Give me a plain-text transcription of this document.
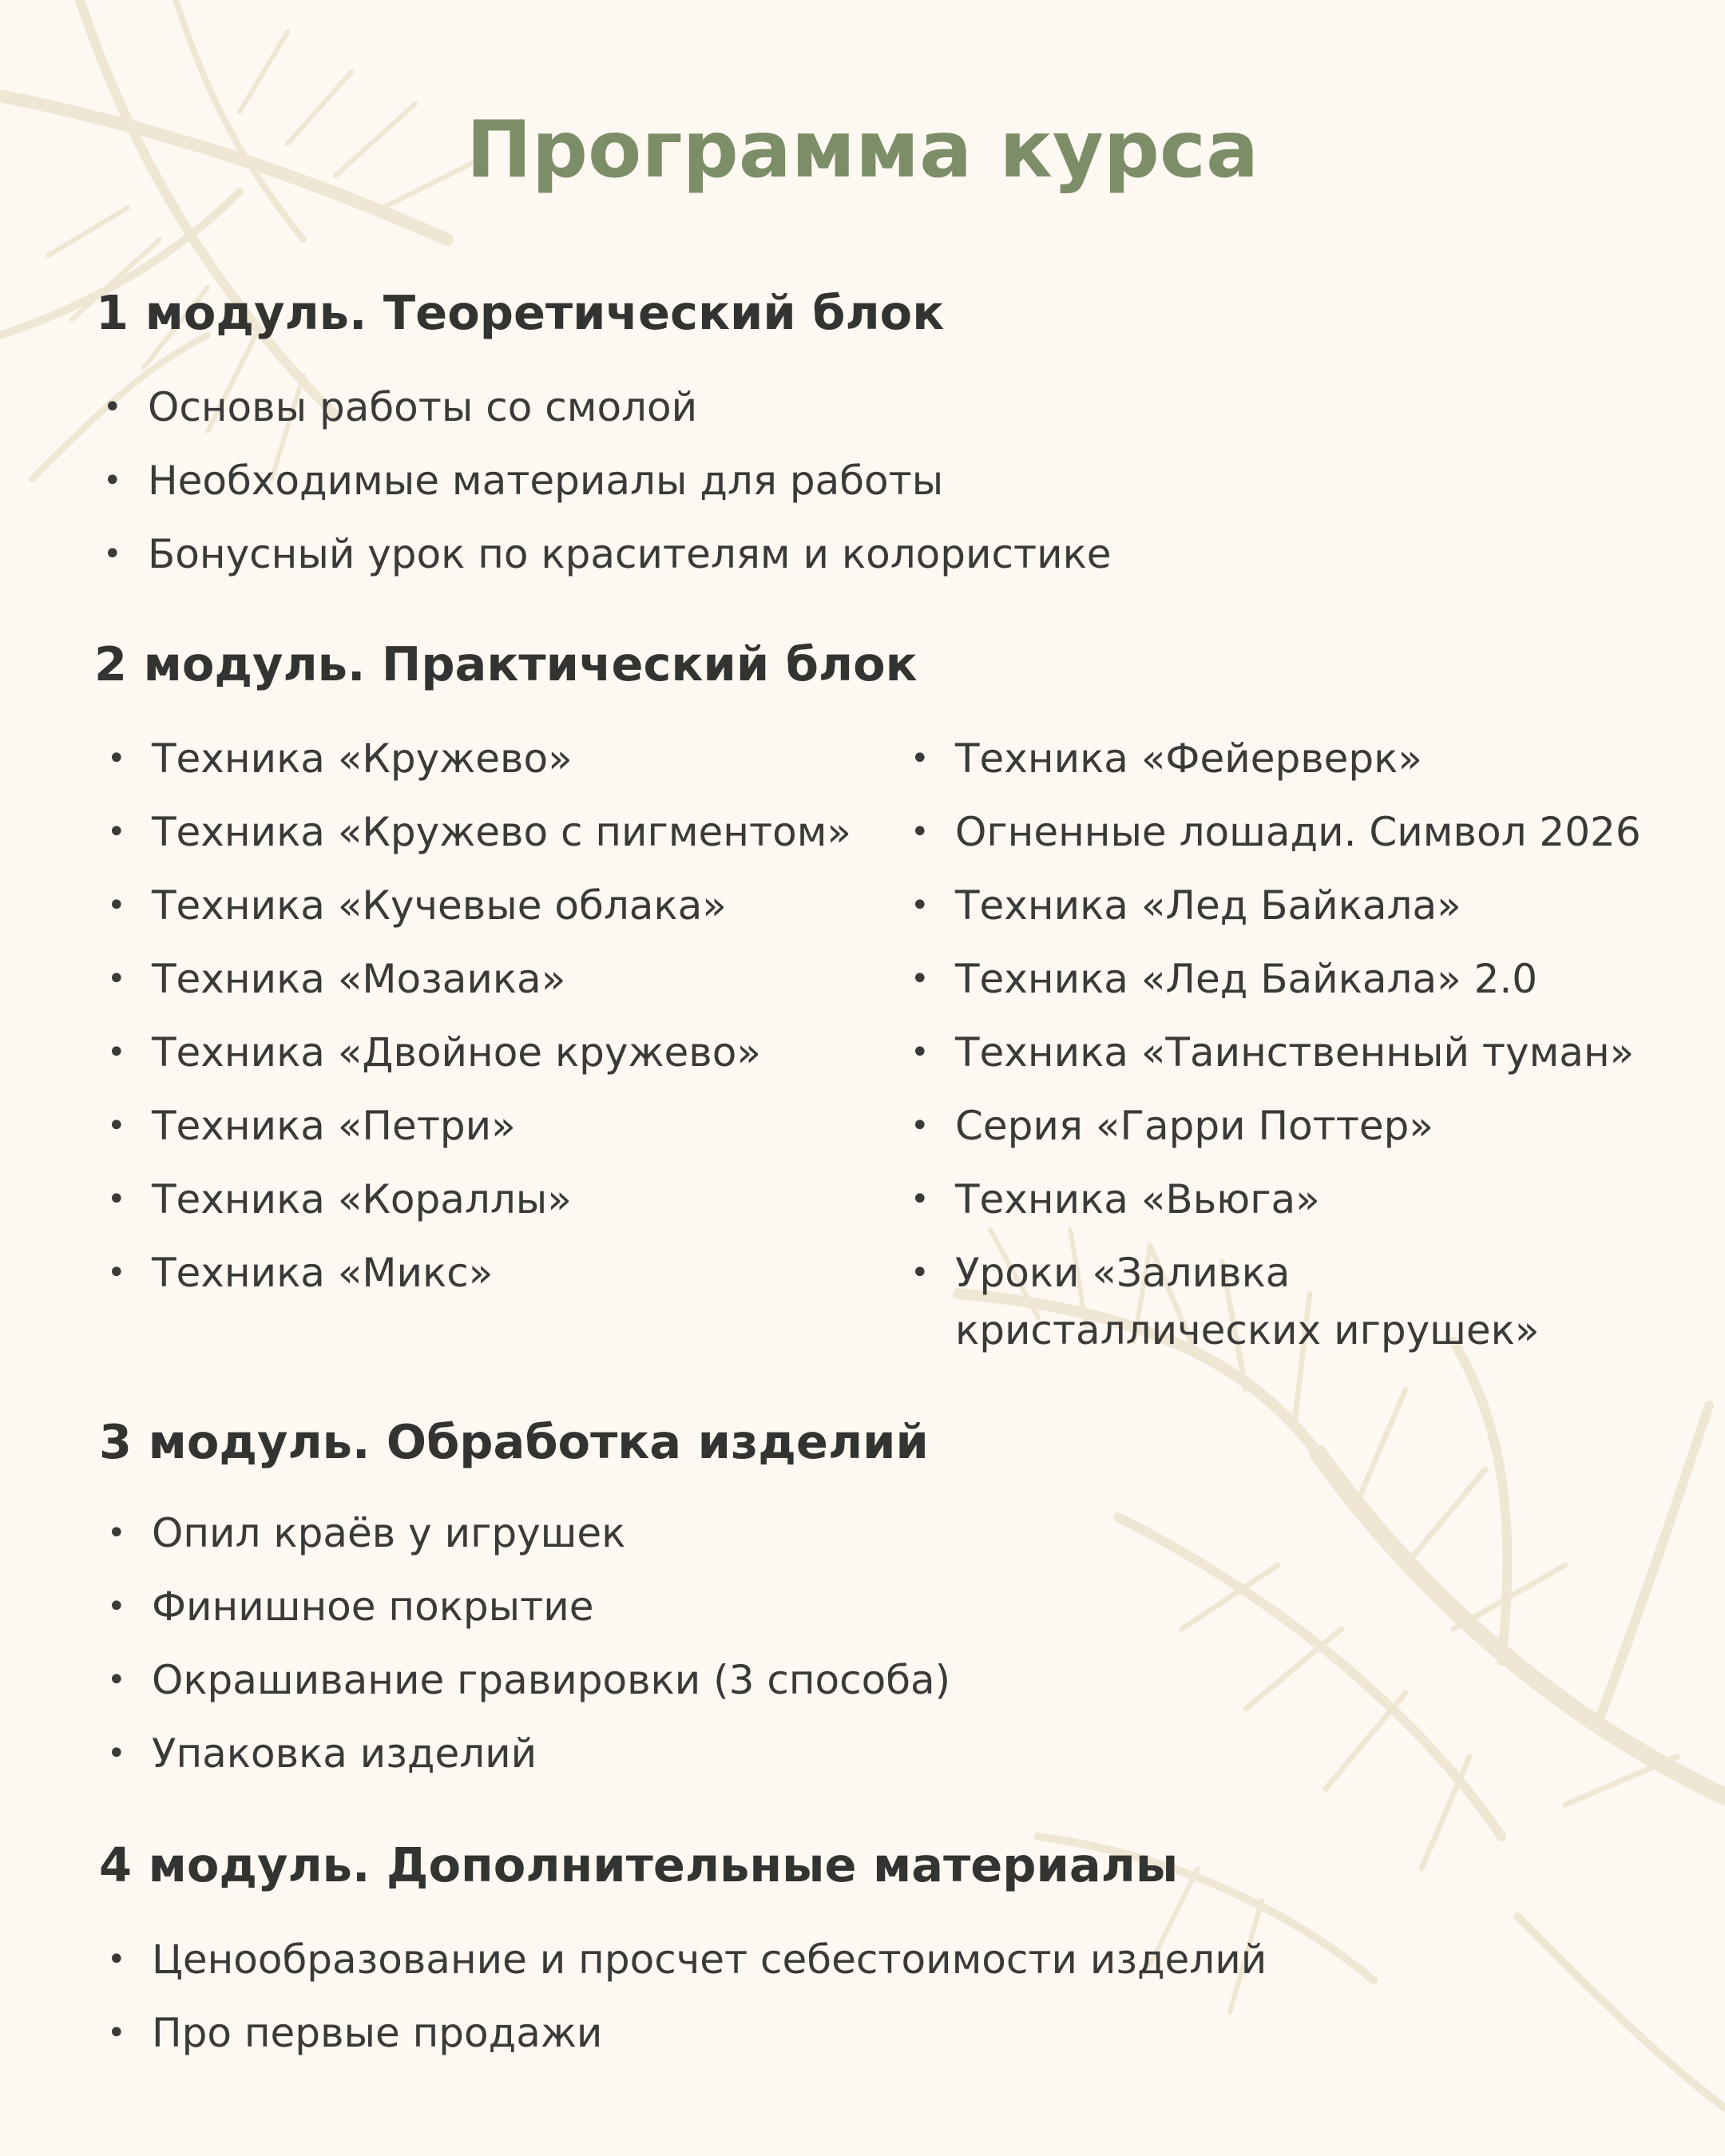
Программа курса
1 модуль. Теоретический блок
• Основы работы со смолой
• Необходимые материалы для работы
• Бонусный урок по красителям и колористике
2 модуль. Практический блок
• Техника «Кружево»
• Техника «Кружево с пигментом»
• Техника «Кучевые облака»
• Техника «Мозаика»
• Техника «Двойное кружево»
• Техника «Петри»
• Техника «Кораллы»
• Техника «Микс»
• Техника «Фейерверк»
• Огненные лошади. Символ 2026
• Техника «Лед Байкала»
• Техника «Лед Байкала» 2.0
• Техника «Таинственный туман»
• Серия «Гарри Поттер»
• Техника «Вьюга»
• Уроки «Заливка кристаллических игрушек»
3 модуль. Обработка изделий
• Опил краёв у игрушек
• Финишное покрытие
• Окрашивание гравировки (3 способа)
• Упаковка изделий
4 модуль. Дополнительные материалы
• Ценообразование и просчет себестоимости изделий
• Про первые продажи
